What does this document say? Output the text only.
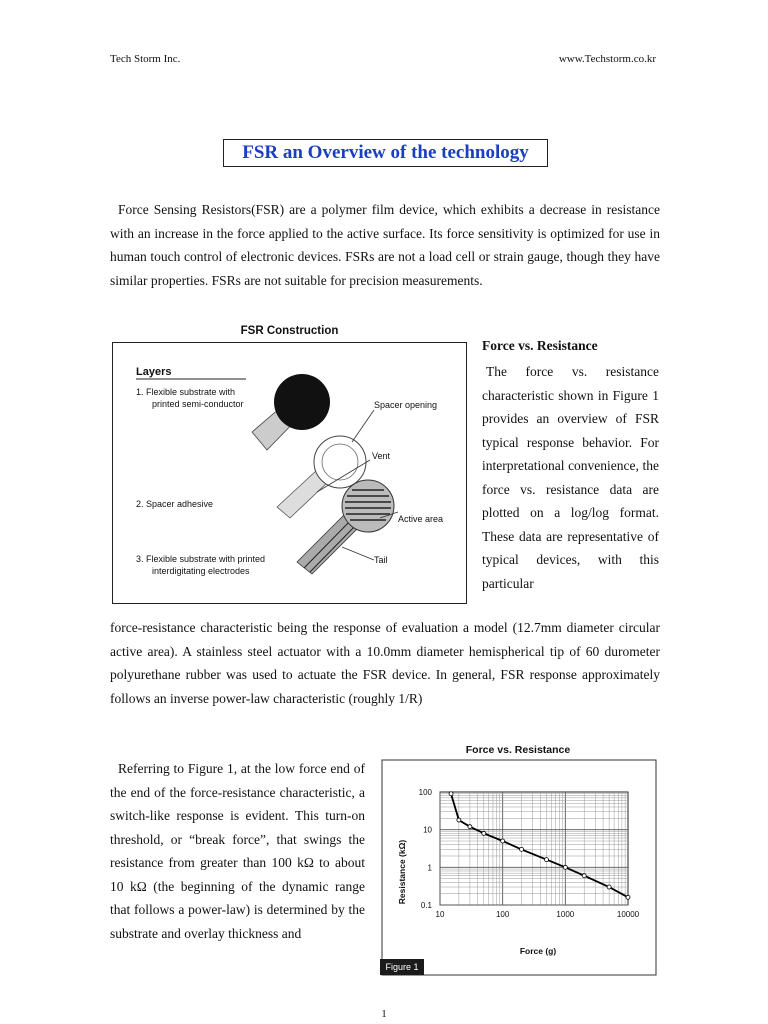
Tech Storm Inc.	www.Techstorm.co.kr
FSR an Overview of the technology

Force Sensing Resistors(FSR) are a polymer film device, which exhibits a decrease in resistance with an increase in the force applied to the active surface. Its force sensitivity is optimized for use in human touch control of electronic devices. FSRs are not a load cell or strain gauge, though they have similar properties. FSRs are not suitable for precision measurements.

FSR Construction
Layers
1. Flexible substrate with
printed semi-conductor
2. Spacer adhesive
3. Flexible substrate with printed
interdigitating electrodes
Spacer opening
Vent
Active area
Tail
Force vs. Resistance

The force vs. resistance characteristic shown in Figure 1 provides an overview of FSR typical response behavior. For interpretational convenience, the force vs. resistance data are plotted on a log/log format. These data are representative of typical devices, with this particular

force-resistance characteristic being the response of evaluation a model (12.7mm diameter circular active area). A stainless steel actuator with a 10.0mm diameter hemispherical tip of 60 durometer polyurethane rubber was used to actuate the FSR device. In general, FSR response approximately follows an inverse power-law characteristic (roughly 1/R)

Referring to Figure 1, at the low force end of the end of the force-resistance characteristic, a switch-like response is evident. This turn-on threshold, or “break force”, that swings the resistance from greater than 100 kΩ to about 10 kΩ (the beginning of the dynamic range that follows a power-law) is determined by the substrate and overlay thickness and

Force vs. Resistance
10	100	1000	10000
100
10
1
0.1
Resistance (kΩ)
Force (g)
Figure 1
1
